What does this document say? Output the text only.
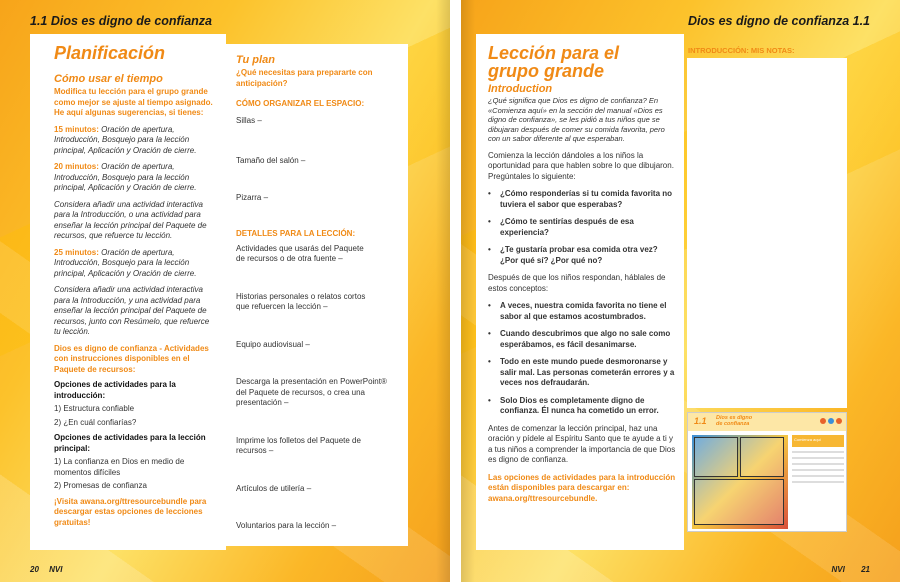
1.1 Dios es digno de confianza
Planificación
Cómo usar el tiempo
Modifica tu lección para el grupo grande como mejor se ajuste al tiempo asignado. He aquí algunas sugerencias, si tienes:
15 minutos: Oración de apertura, Introducción, Bosquejo para la lección principal, Aplicación y Oración de cierre.
20 minutos: Oración de apertura, Introducción, Bosquejo para la lección principal, Aplicación y Oración de cierre.
Considera añadir una actividad interactiva para la Introducción, o una actividad para enseñar la lección principal del Paquete de recursos, que refuerce tu lección.
25 minutos: Oración de apertura, Introducción, Bosquejo para la lección principal, Aplicación y Oración de cierre.
Considera añadir una actividad interactiva para la Introducción, y una actividad para enseñar la lección principal del Paquete de recursos, junto con Resúmelo, que refuerce tu lección.
Dios es digno de confianza - Actividades con instrucciones disponibles en el Paquete de recursos:
Opciones de actividades para la introducción:
1) Estructura confiable
2) ¿En cuál confiarías?
Opciones de actividades para la lección principal:
1) La confianza en Dios en medio de momentos difíciles
2) Promesas de confianza
¡Visita awana.org/ttresourcebundle para descargar estas opciones de lecciones gratuitas!
Tu plan
¿Qué necesitas para prepararte con anticipación?
CÓMO ORGANIZAR EL ESPACIO:
Sillas –
Tamaño del salón –
Pizarra –
DETALLES PARA LA LECCIÓN:
Actividades que usarás del Paquete de recursos o de otra fuente –
Historias personales o relatos cortos que refuercen la lección –
Equipo audiovisual –
Descarga la presentación en PowerPoint® del Paquete de recursos, o crea una presentación –
Imprime los folletos del Paquete de recursos –
Artículos de utilería –
Voluntarios para la lección –
20 NVI
Dios es digno de confianza 1.1
Lección para el
grupo grande
Introduction
¿Qué significa que Dios es digno de confianza? En «Comienza aquí» en la sección del manual «Dios es digno de confianza», se les pidió a tus niños que se dibujaran después de comer su comida favorita, pero con un sabor diferente al que esperaban.
Comienza la lección dándoles a los niños la oportunidad para que hablen sobre lo que dibujaron. Pregúntales lo siguiente:
• ¿Cómo responderías si tu comida favorita no tuviera el sabor que esperabas?
• ¿Cómo te sentirías después de esa experiencia?
• ¿Te gustaría probar esa comida otra vez? ¿Por qué sí? ¿Por qué no?
Después de que los niños respondan, háblales de estos conceptos:
• A veces, nuestra comida favorita no tiene el sabor al que estamos acostumbrados.
• Cuando descubrimos que algo no sale como esperábamos, es fácil desanimarse.
• Todo en este mundo puede desmoronarse y salir mal. Las personas cometerán errores y a veces nos defraudarán.
• Solo Dios es completamente digno de confianza. Él nunca ha cometido un error.
Antes de comenzar la lección principal, haz una oración y pídele al Espíritu Santo que te ayude a ti y a tus niños a comprender la importancia de que Dios es digno de confianza.
Las opciones de actividades para la introducción están disponibles para descargar en: awana.org/ttresourcebundle.
INTRODUCCIÓN: MIS NOTAS:
1.1 Dios es digno de confianza
Comienza aquí
NVI 21
